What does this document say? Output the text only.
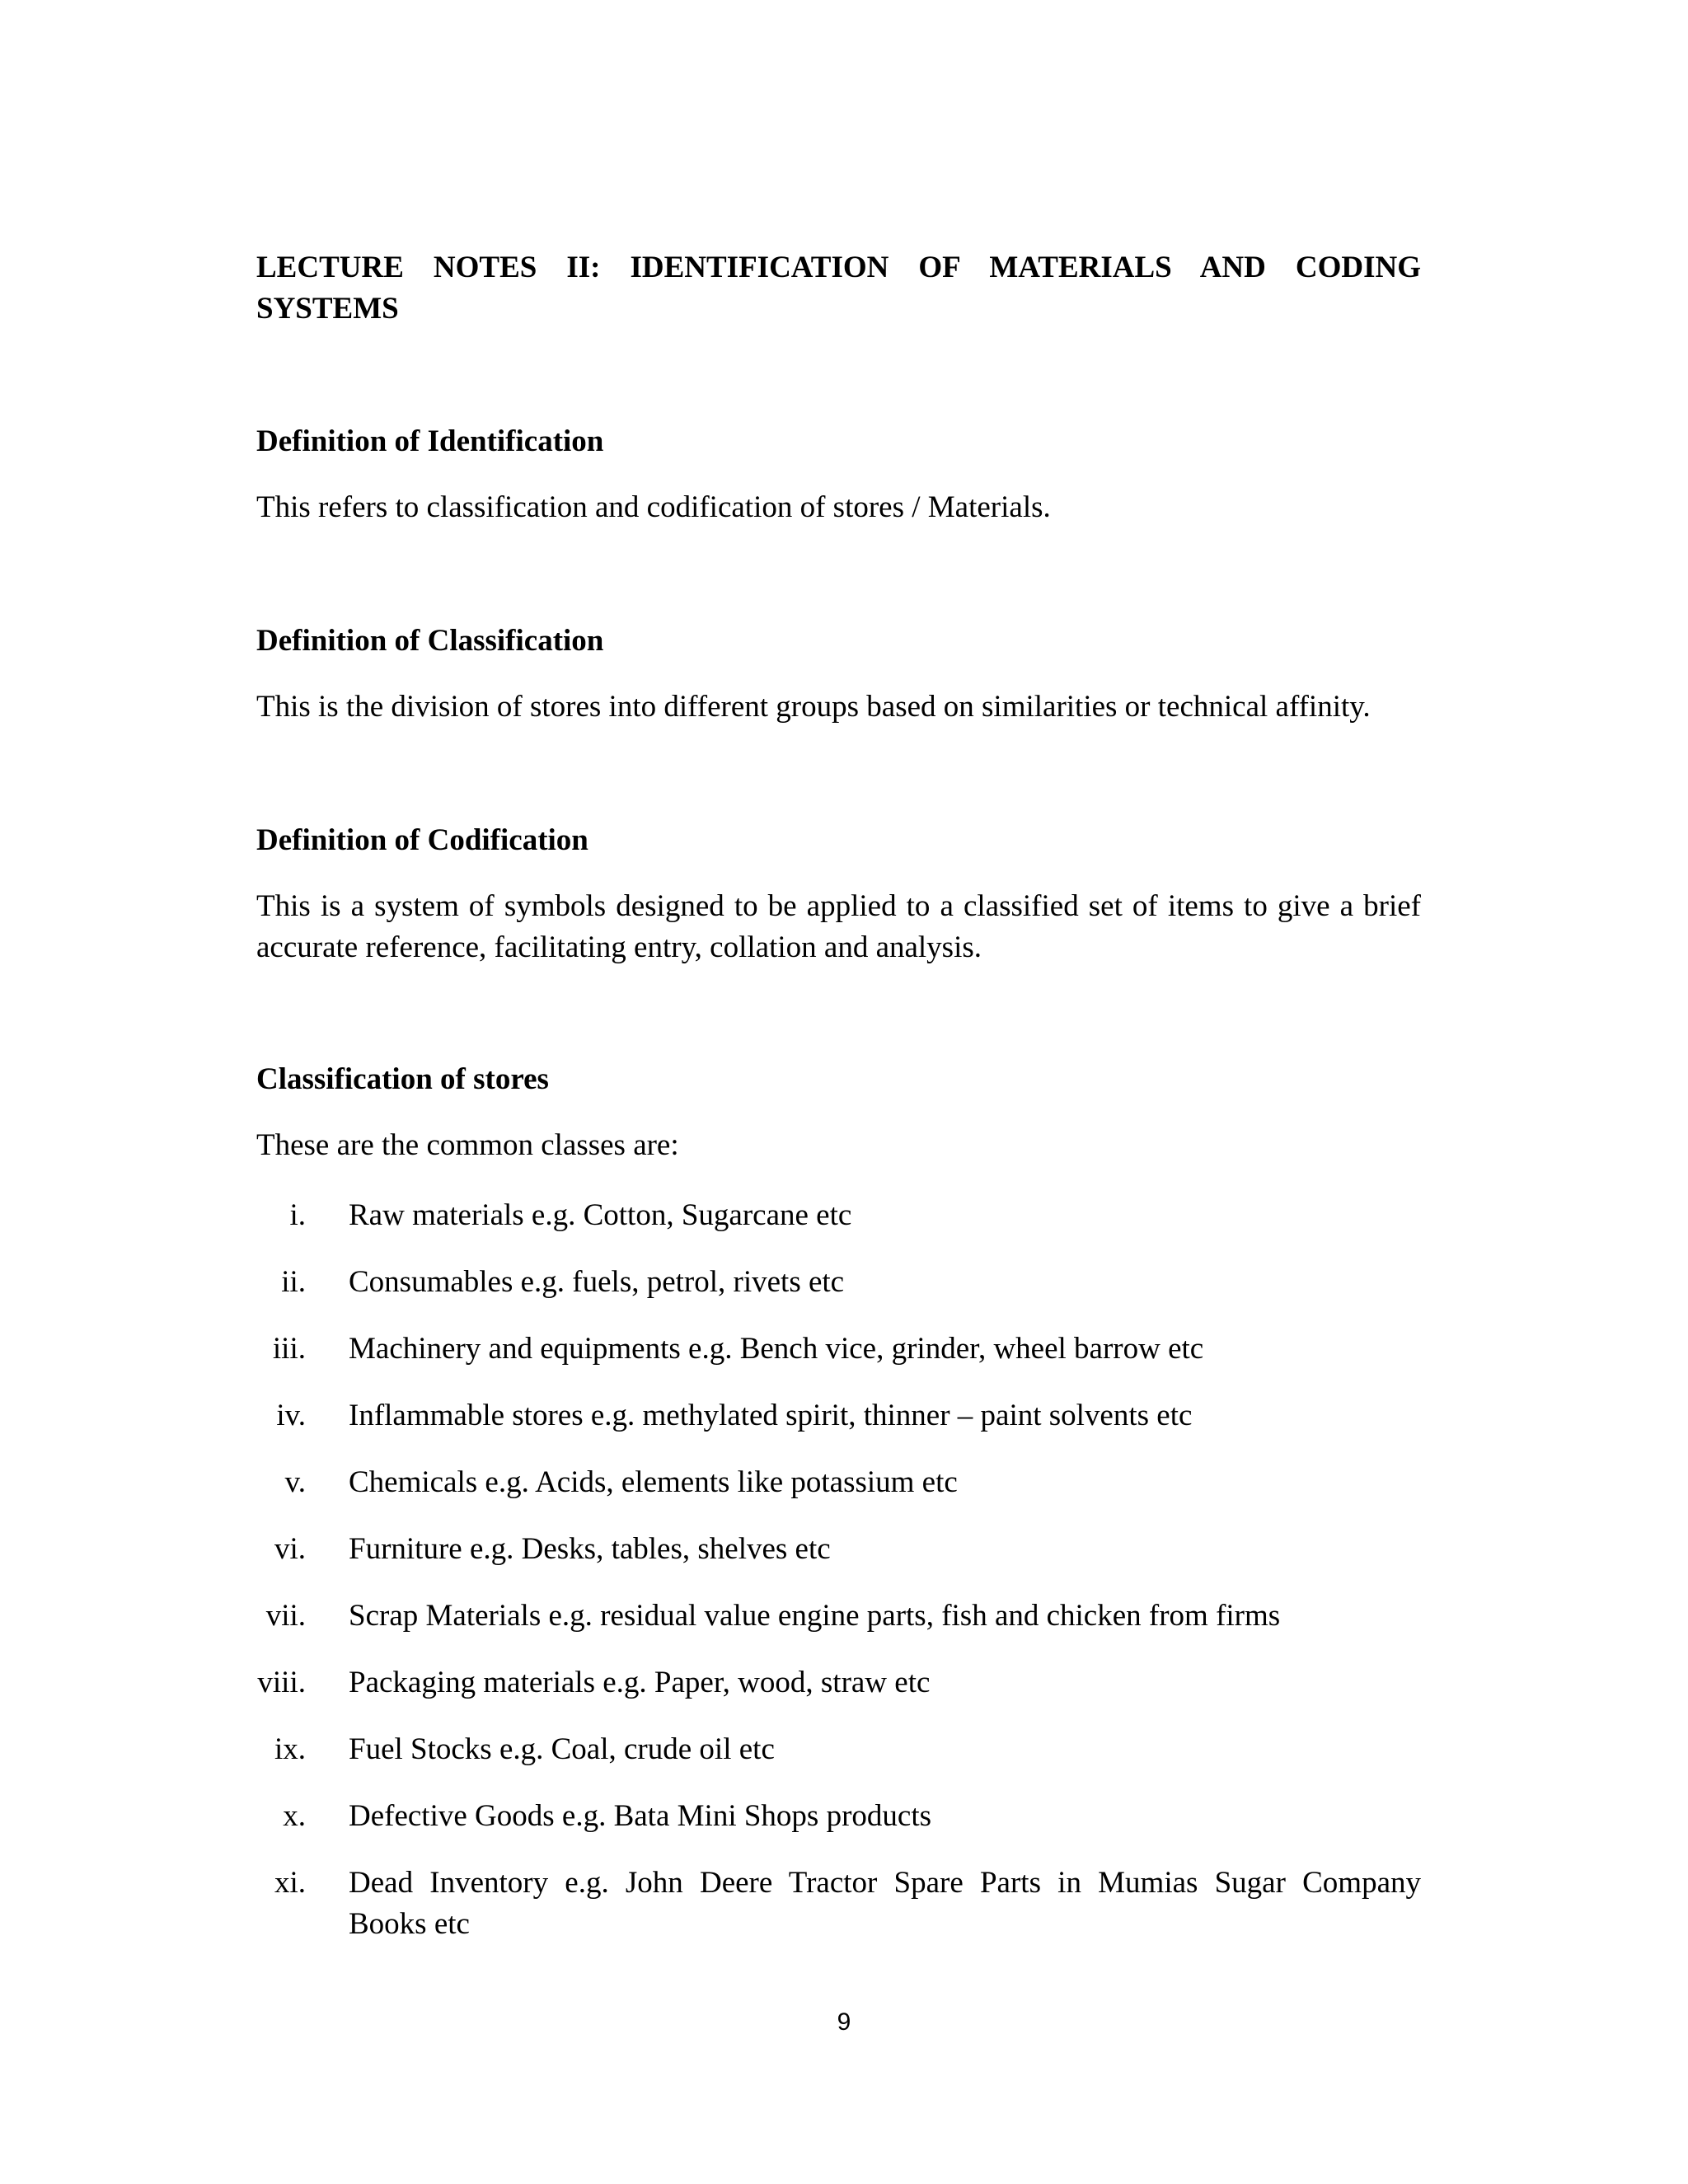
LECTURE NOTES II: IDENTIFICATION OF MATERIALS AND CODING
SYSTEMS
Definition of Identification

This refers to classification and codification of stores / Materials.

Definition of Classification

This is the division of stores into different groups based on similarities or technical affinity.

Definition of Codification

This is a system of symbols designed to be applied to a classified set of items to give a brief
accurate reference, facilitating entry, collation and analysis.

Classification of stores

These are the common classes are:

i. Raw materials e.g. Cotton, Sugarcane etc
ii. Consumables e.g. fuels, petrol, rivets etc
iii. Machinery and equipments e.g. Bench vice, grinder, wheel barrow etc
iv. Inflammable stores e.g. methylated spirit, thinner – paint solvents etc
v. Chemicals e.g. Acids, elements like potassium etc
vi. Furniture e.g. Desks, tables, shelves etc
vii. Scrap Materials e.g. residual value engine parts, fish and chicken from firms
viii. Packaging materials e.g. Paper, wood, straw etc
ix. Fuel Stocks e.g. Coal, crude oil etc
x. Defective Goods e.g. Bata Mini Shops products
xi. Dead Inventory e.g. John Deere Tractor Spare Parts in Mumias Sugar Company
Books etc
9
